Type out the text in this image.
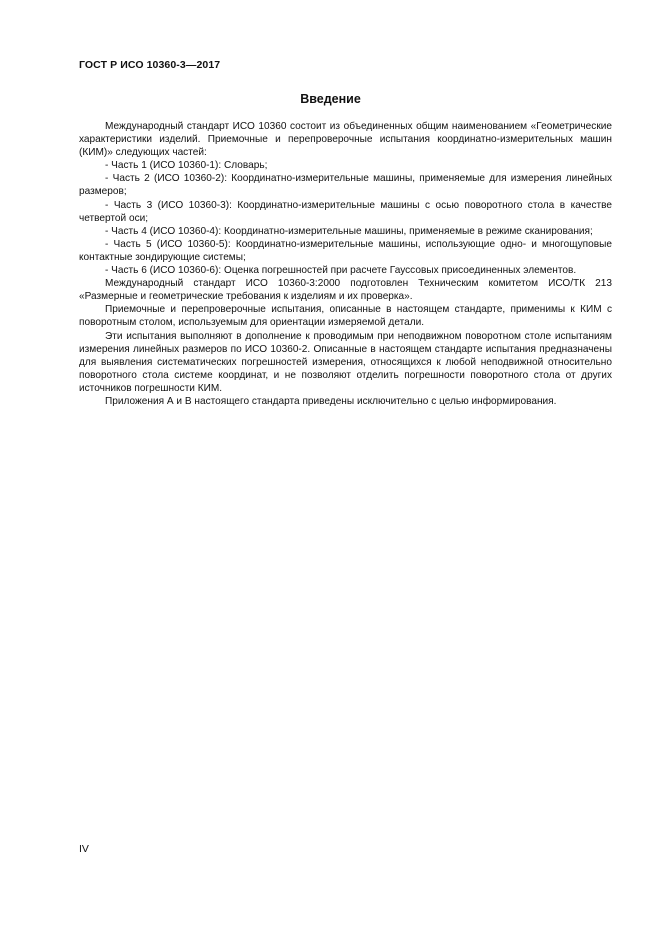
ГОСТ Р ИСО 10360-3—2017
Введение

Международный стандарт ИСО 10360 состоит из объединенных общим наименованием «Геометрические характеристики изделий. Приемочные и перепроверочные испытания координатно-измерительных машин (КИМ)» следующих частей:

- Часть 1 (ИСО 10360-1): Словарь;

- Часть 2 (ИСО 10360-2): Координатно-измерительные машины, применяемые для измерения линейных размеров;

- Часть 3 (ИСО 10360-3): Координатно-измерительные машины с осью поворотного стола в качестве четвертой оси;

- Часть 4 (ИСО 10360-4): Координатно-измерительные машины, применяемые в режиме сканирования;

- Часть 5 (ИСО 10360-5): Координатно-измерительные машины, использующие одно- и многощуповые контактные зондирующие системы;

- Часть 6 (ИСО 10360-6): Оценка погрешностей при расчете Гауссовых присоединенных элементов.

Международный стандарт ИСО 10360-3:2000 подготовлен Техническим комитетом ИСО/ТК 213 «Размерные и геометрические требования к изделиям и их проверка».

Приемочные и перепроверочные испытания, описанные в настоящем стандарте, применимы к КИМ с поворотным столом, используемым для ориентации измеряемой детали.

Эти испытания выполняют в дополнение к проводимым при неподвижном поворотном столе испытаниям измерения линейных размеров по ИСО 10360-2. Описанные в настоящем стандарте испытания предназначены для выявления систематических погрешностей измерения, относящихся к любой неподвижной относительно поворотного стола системе координат, и не позволяют отделить погрешности поворотного стола от других источников погрешности КИМ.

Приложения А и В настоящего стандарта приведены исключительно с целью информирования.

IV
